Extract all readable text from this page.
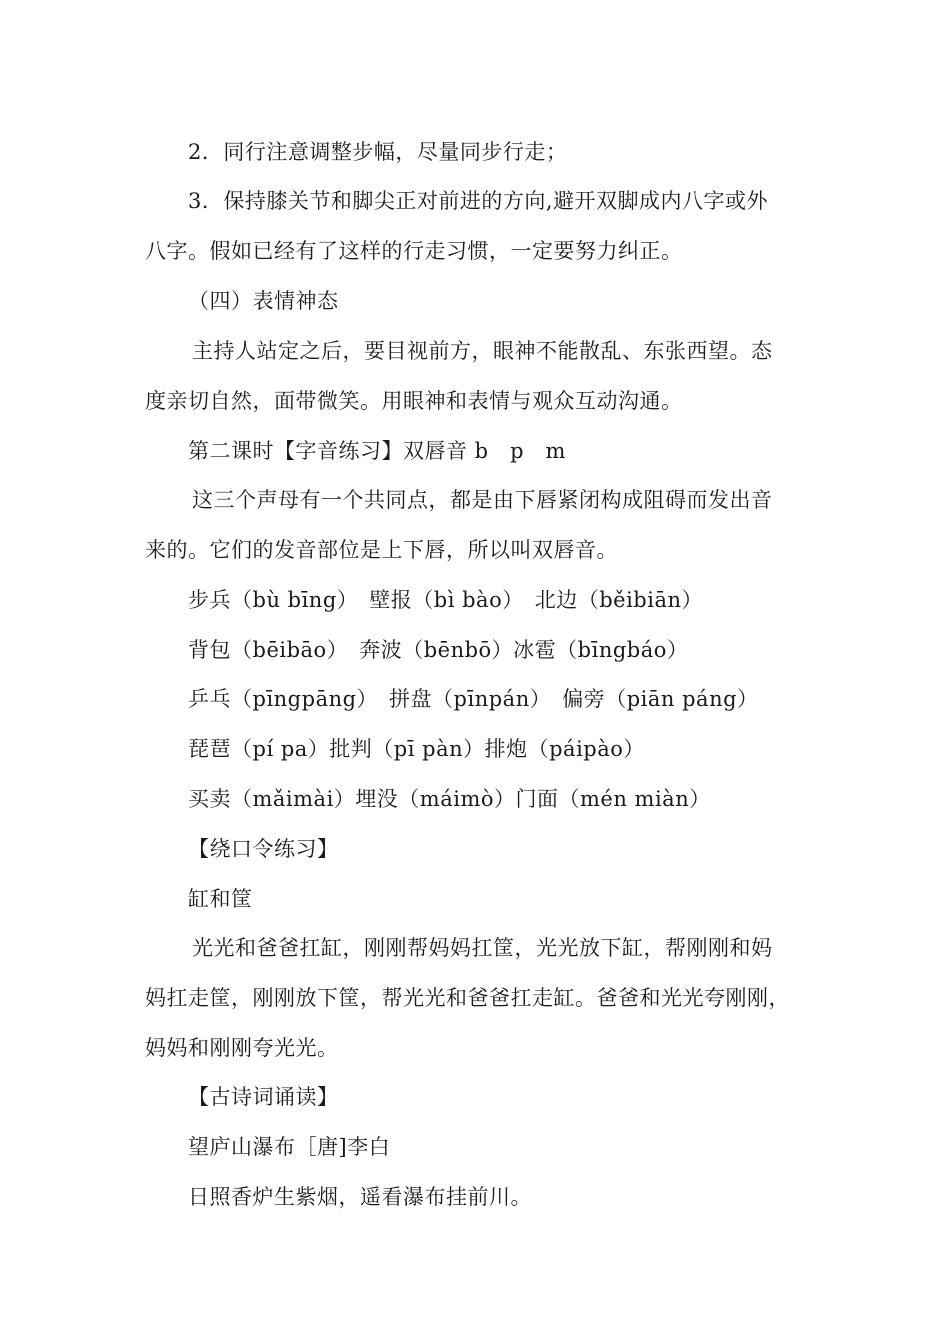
2．同行注意调整步幅，尽量同步行走；
3．保持膝关节和脚尖正对前进的方向,避开双脚成内八字或外
八字。假如已经有了这样的行走习惯，一定要努力纠正。
（四）表情神态
主持人站定之后，要目视前方，眼神不能散乱、东张西望。态
度亲切自然，面带微笑。用眼神和表情与观众互动沟通。
第二课时【字音练习】双唇音 b　p　m
这三个声母有一个共同点，都是由下唇紧闭构成阻碍而发出音
来的。它们的发音部位是上下唇，所以叫双唇音。
步兵（bù bīng）　壁报（bì bào）　北边（běibiān）
背包（bēibāo）　奔波（bēnbō）冰雹（bīngbáo）
乒乓（pīngpāng）　拼盘（pīnpán）　偏旁（piān páng）
琵琶（pí pa）批判（pī pàn）排炮（páipào）
买卖（mǎimài）埋没（máimò）门面（mén miàn）
【绕口令练习】
缸和筐
光光和爸爸扛缸，刚刚帮妈妈扛筐，光光放下缸，帮刚刚和妈
妈扛走筐，刚刚放下筐，帮光光和爸爸扛走缸。爸爸和光光夸刚刚，
妈妈和刚刚夸光光。
【古诗词诵读】
望庐山瀑布［唐]李白
日照香炉生紫烟，遥看瀑布挂前川。
